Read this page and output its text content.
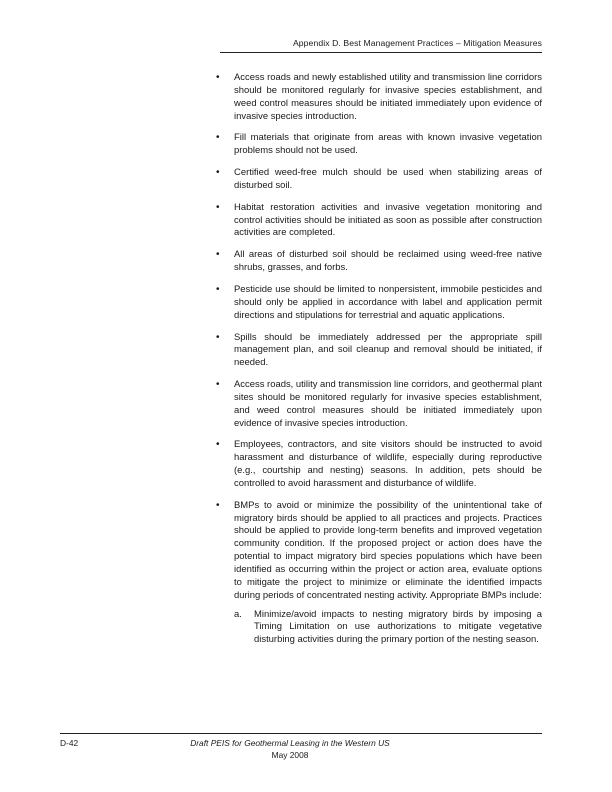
Appendix D. Best Management Practices – Mitigation Measures
•	Access roads and newly established utility and transmission line corridors should be monitored regularly for invasive species establishment, and weed control measures should be initiated immediately upon evidence of invasive species introduction.
•	Fill materials that originate from areas with known invasive vegetation problems should not be used.
•	Certified weed-free mulch should be used when stabilizing areas of disturbed soil.
•	Habitat restoration activities and invasive vegetation monitoring and control activities should be initiated as soon as possible after construction activities are completed.
•	All areas of disturbed soil should be reclaimed using weed-free native shrubs, grasses, and forbs.
•	Pesticide use should be limited to nonpersistent, immobile pesticides and should only be applied in accordance with label and application permit directions and stipulations for terrestrial and aquatic applications.
•	Spills should be immediately addressed per the appropriate spill management plan, and soil cleanup and removal should be initiated, if needed.
•	Access roads, utility and transmission line corridors, and geothermal plant sites should be monitored regularly for invasive species establishment, and weed control measures should be initiated immediately upon evidence of invasive species introduction.
•	Employees, contractors, and site visitors should be instructed to avoid harassment and disturbance of wildlife, especially during reproductive (e.g., courtship and nesting) seasons. In addition, pets should be controlled to avoid harassment and disturbance of wildlife.
•	BMPs to avoid or minimize the possibility of the unintentional take of migratory birds should be applied to all practices and projects. Practices should be applied to provide long-term benefits and improved vegetation community condition. If the proposed project or action does have the potential to impact migratory bird species populations which have been identified as occurring within the project or action area, evaluate options to mitigate the project to minimize or eliminate the identified impacts during periods of concentrated nesting activity. Appropriate BMPs include:
a. Minimize/avoid impacts to nesting migratory birds by imposing a Timing Limitation on use authorizations to mitigate vegetative disturbing activities during the primary portion of the nesting season.
D-42	Draft PEIS for Geothermal Leasing in the Western US
May 2008
